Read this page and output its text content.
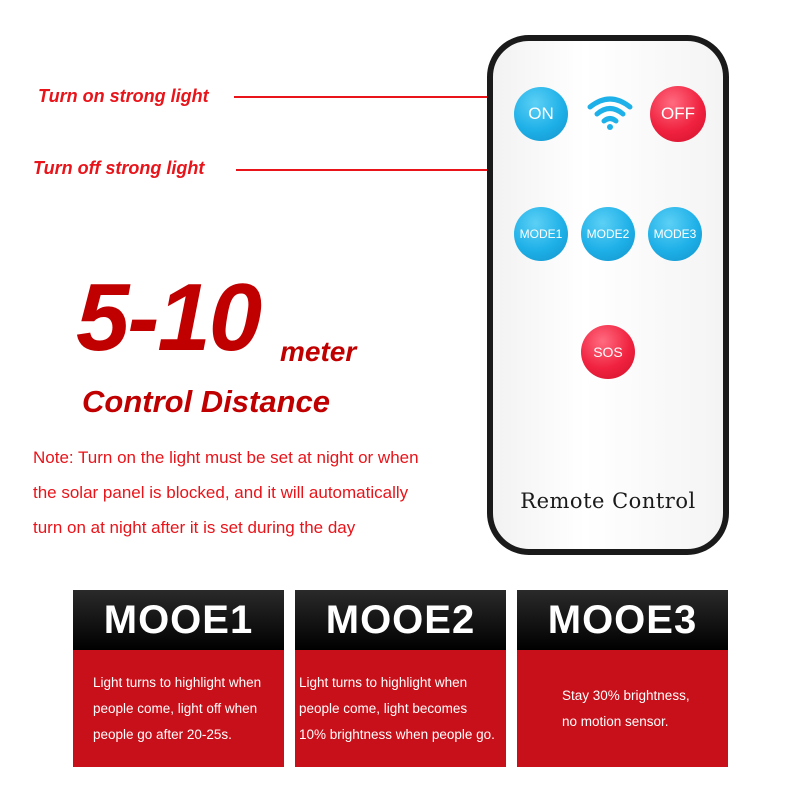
Turn on strong light
Turn off strong light
5-10 meter
Control Distance
Note: Turn on the light must be set at night or when
the solar panel is blocked, and it will automatically
turn on at night after it is set during the day
ON	OFF
MODE1	MODE2	MODE3
SOS
Remote Control
MOOE1
Light turns to highlight when
people come, light off when
people go after 20-25s.
MOOE2
Light turns to highlight when
people come, light becomes
10% brightness when people go.
MOOE3
Stay 30% brightness,
no motion sensor.
